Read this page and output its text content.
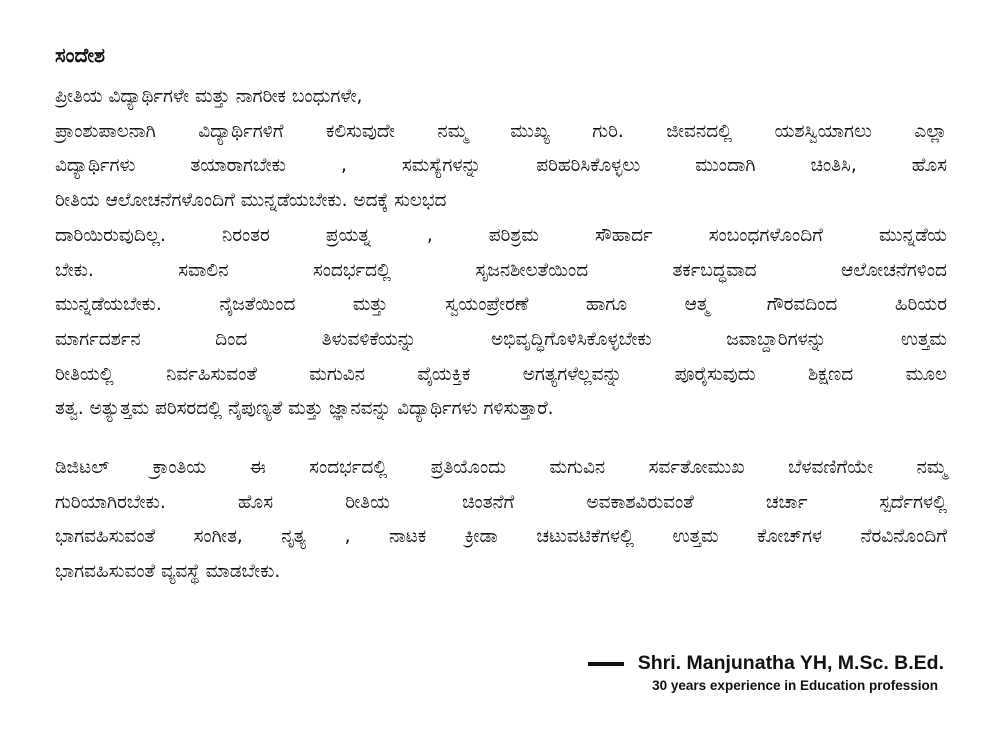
ಸಂದೇಶ
ಪ್ರೀತಿಯ ವಿದ್ಯಾರ್ಥಿಗಳೇ ಮತ್ತು ನಾಗರೀಕ ಬಂಧುಗಳೇ,
ಪ್ರಾಂಶುಪಾಲನಾಗಿ ವಿದ್ಯಾರ್ಥಿಗಳಿಗೆ ಕಲಿಸುವುದೇ ನಮ್ಮ ಮುಖ್ಯ ಗುರಿ. ಜೀವನದಲ್ಲಿ ಯಶಸ್ವಿಯಾಗಲು ಎಲ್ಲಾ
ವಿದ್ಯಾರ್ಥಿಗಳು ತಯಾರಾಗಬೇಕು , ಸಮಸ್ಯೆಗಳನ್ನು ಪರಿಹರಿಸಿಕೊಳ್ಳಲು ಮುಂದಾಗಿ ಚಿಂತಿಸಿ, ಹೊಸ
ರೀತಿಯ ಆಲೋಚನೆಗಳೊಂದಿಗೆ ಮುನ್ನಡೆಯಬೇಕು. ಅದಕ್ಕೆ ಸುಲಭದ
ದಾರಿಯಿರುವುದಿಲ್ಲ. ನಿರಂತರ ಪ್ರಯತ್ನ , ಪರಿಶ್ರಮ ಸೌಹಾರ್ದ ಸಂಬಂಧಗಳೊಂದಿಗೆ ಮುನ್ನಡೆಯ
ಬೇಕು. ಸವಾಲಿನ ಸಂದರ್ಭದಲ್ಲಿ ಸೃಜನಶೀಲತೆಯಿಂದ ತರ್ಕಬದ್ಧವಾದ ಆಲೋಚನೆಗಳಿಂದ
ಮುನ್ನಡೆಯಬೇಕು. ನೈಜತೆಯಿಂದ ಮತ್ತು ಸ್ವಯಂಪ್ರೇರಣೆ ಹಾಗೂ ಆತ್ಮ ಗೌರವದಿಂದ ಹಿರಿಯರ
ಮಾರ್ಗದರ್ಶನ ದಿಂದ ತಿಳುವಳಿಕೆಯನ್ನು ಅಭಿವೃದ್ಧಿಗೊಳಿಸಿಕೊಳ್ಳಬೇಕು ಜವಾಬ್ದಾರಿಗಳನ್ನು ಉತ್ತಮ
ರೀತಿಯಲ್ಲಿ ನಿರ್ವಹಿಸುವಂತೆ ಮಗುವಿನ ವೈಯಕ್ತಿಕ ಅಗತ್ಯಗಳೆಲ್ಲವನ್ನು ಪೂರೈಸುವುದು ಶಿಕ್ಷಣದ ಮೂಲ
ತತ್ವ. ಅತ್ಯುತ್ತಮ ಪರಿಸರದಲ್ಲಿ ನೈಪುಣ್ಯತೆ ಮತ್ತು ಜ್ಞಾನವನ್ನು ವಿದ್ಯಾರ್ಥಿಗಳು ಗಳಿಸುತ್ತಾರೆ.
ಡಿಜಿಟಲ್ ಕ್ರಾಂತಿಯ ಈ ಸಂದರ್ಭದಲ್ಲಿ ಪ್ರತಿಯೊಂದು ಮಗುವಿನ ಸರ್ವತೋಮುಖ ಬೆಳವಣಿಗೆಯೇ ನಮ್ಮ
ಗುರಿಯಾಗಿರಬೇಕು. ಹೊಸ ರೀತಿಯ ಚಿಂತನೆಗೆ ಅವಕಾಶವಿರುವಂತೆ ಚರ್ಚಾ ಸ್ಪರ್ದೆಗಳಲ್ಲಿ
ಭಾಗವಹಿಸುವಂತೆ ಸಂಗೀತ, ನೃತ್ಯ , ನಾಟಕ ಕ್ರೀಡಾ ಚಟುವಟಿಕೆಗಳಲ್ಲಿ ಉತ್ತಮ ಕೋಚ್‌ಗಳ ನೆರವಿನೊಂದಿಗೆ
ಭಾಗವಹಿಸುವಂತೆ ವ್ಯವಸ್ಥೆ ಮಾಡಬೇಕು.
Shri. Manjunatha YH, M.Sc. B.Ed.
30 years experience in Education profession
